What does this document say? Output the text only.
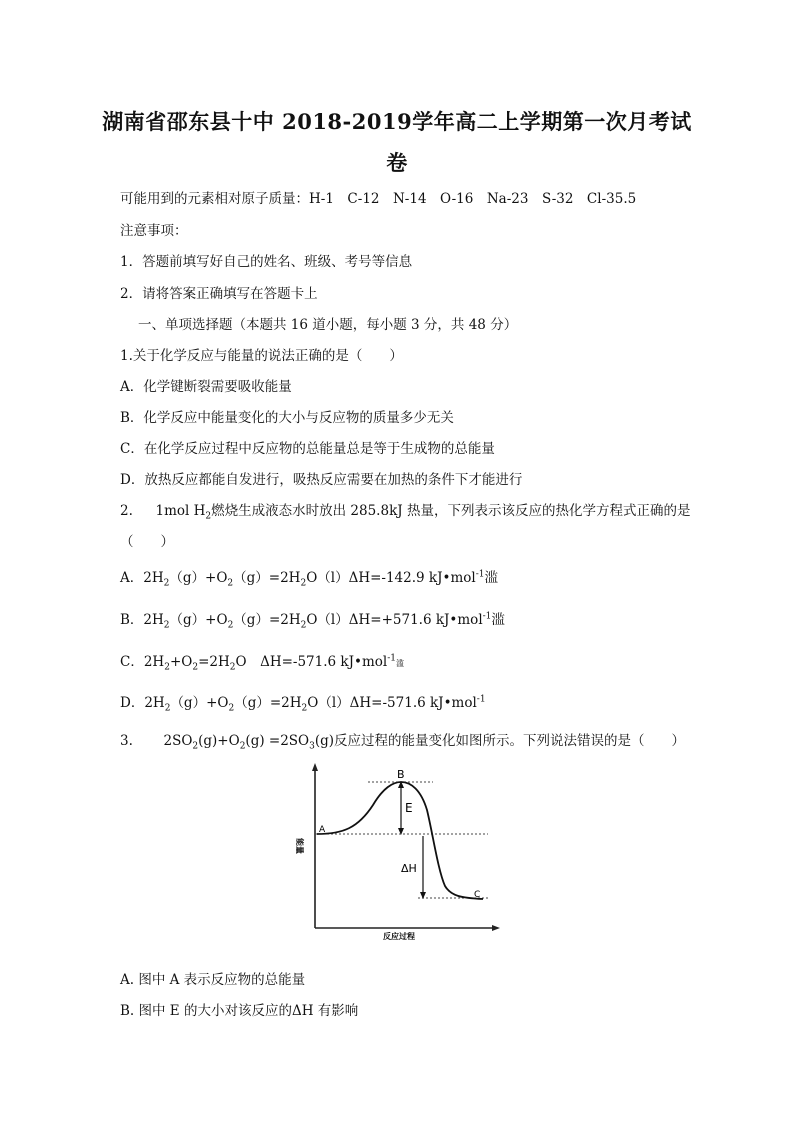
湖南省邵东县十中 2018-2019学年高二上学期第一次月考试
卷
可能用到的元素相对原子质量：H-1　C-12　N-14　O-16　Na-23　S-32　Cl-35.5
注意事项：
1．答题前填写好自己的姓名、班级、考号等信息
2．请将答案正确填写在答题卡上
一、单项选择题（本题共 16 道小题，每小题 3 分，共 48 分）
1.关于化学反应与能量的说法正确的是（　　）
A．化学键断裂需要吸收能量
B．化学反应中能量变化的大小与反应物的质量多少无关
C．在化学反应过程中反应物的总能量总是等于生成物的总能量
D．放热反应都能自发进行，吸热反应需要在加热的条件下才能进行
2. 1mol $H_2$燃烧生成液态水时放出 285.8kJ 热量，下列表示该反应的热化学方程式正确的是
（　　）
A．$2H_2(g)+O_2(g)=2H_2O(l)\Delta H=-142.9$ kJ•mol$^{-1}$滥
B．$2H_2(g)+O_2(g)=2H_2O(l)\Delta H=+571.6$ kJ•mol$^{-1}$滥
C．$2H_2+O_2=2H_2O$　ΔH=-571.6 kJ•mol$^{-1}$滥
D．$2H_2(g)+O_2(g)=2H_2O(l)\Delta H=-571.6$ kJ•mol$^{-1}$
3. $2SO_2(g)+O_2(g) =2SO_3(g)$反应过程的能量变化如图所示。下列说法错误的是（　　）
A
B
C
E
ΔH
能量
反应过程
A. 图中 A 表示反应物的总能量
B. 图中 E 的大小对该反应的ΔH 有影响
